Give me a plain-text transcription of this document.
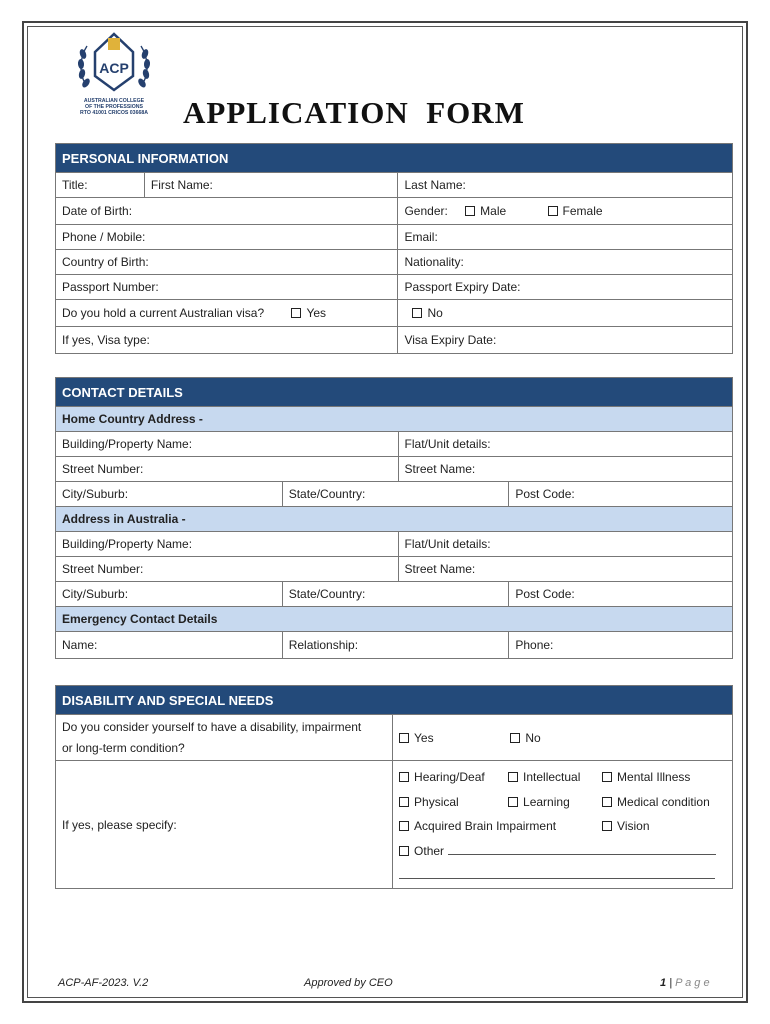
ACP
AUSTRALIAN COLLEGE
OF THE PROFESSIONS
RTO 41001 CRICOS 03668A APPLICATION  FORM
PERSONAL INFORMATION		
Title:	First Name:	Last Name:
Date of Birth:		Gender: Male Female
Phone / Mobile:		Email:
Country of Birth:		Nationality:
Passport Number:		Passport Expiry Date:
Do you hold a current Australian visa? Yes		No
If yes, Visa type:		Visa Expiry Date:
CONTACT DETAILS			
Home Country Address -			
Building/Property Name:		Flat/Unit details:	
Street Number:		Street Name:	
City/Suburb:	State/Country:		Post Code:
Address in Australia -			
Building/Property Name:		Flat/Unit details:	
Street Number:		Street Name:	
City/Suburb:	State/Country:		Post Code:
Emergency Contact Details			
Name:	Relationship:		Phone:
DISABILITY AND SPECIAL NEEDS	

Do you consider yourself to have a disability, impairment
or long-term condition?	Yes No
If yes, please specify:	Hearing/Deaf Intellectual Mental Illness
Physical Learning Medical condition
Acquired Brain Impairment Vision
Other
ACP-AF-2023. V.2	Approved by CEO	1 | P a g e
